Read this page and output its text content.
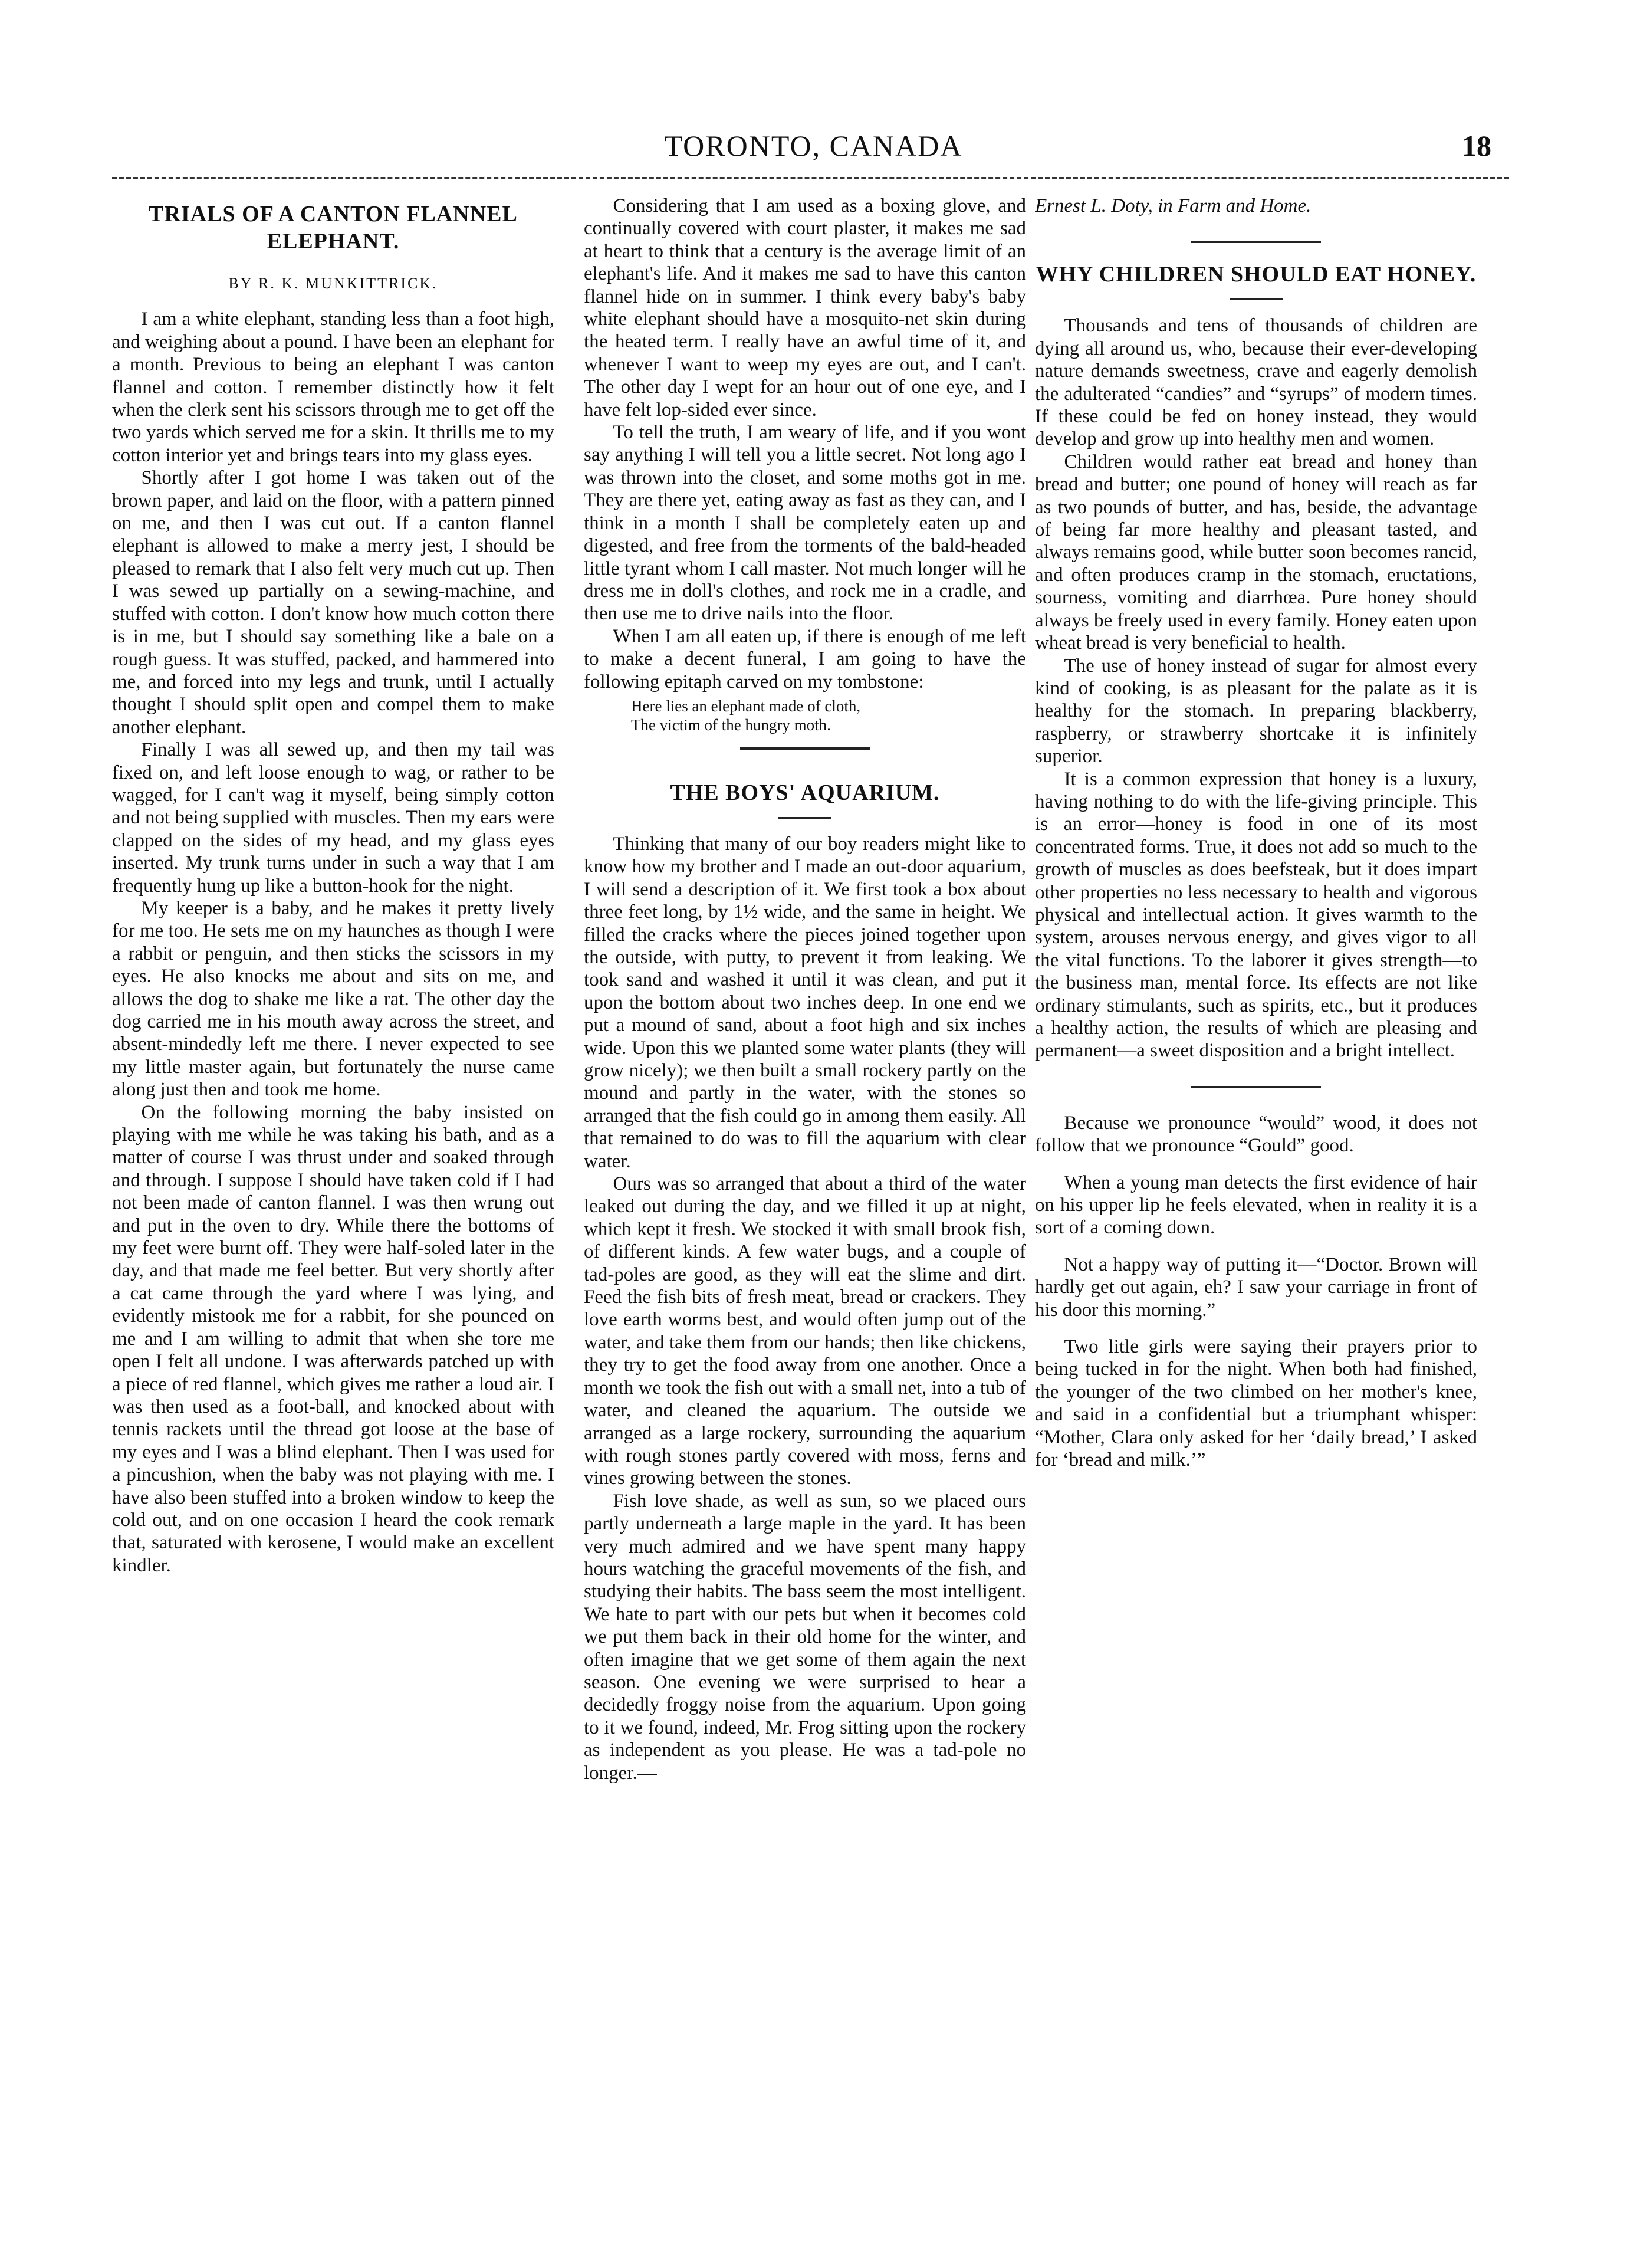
TORONTO, CANADA	18
TRIALS OF A CANTON FLANNEL ELEPHANT.
BY R. K. MUNKITTRICK.

I am a white elephant, standing less than a foot high, and weighing about a pound. I have been an elephant for a month. Previous to being an elephant I was canton flannel and cotton. I remember distinctly how it felt when the clerk sent his scissors through me to get off the two yards which served me for a skin. It thrills me to my cotton interior yet and brings tears into my glass eyes.

Shortly after I got home I was taken out of the brown paper, and laid on the floor, with a pattern pinned on me, and then I was cut out. If a canton flannel elephant is allowed to make a merry jest, I should be pleased to remark that I also felt very much cut up. Then I was sewed up partially on a sewing-machine, and stuffed with cotton. I don't know how much cotton there is in me, but I should say something like a bale on a rough guess. It was stuffed, packed, and hammered into me, and forced into my legs and trunk, until I actually thought I should split open and compel them to make another elephant.

Finally I was all sewed up, and then my tail was fixed on, and left loose enough to wag, or rather to be wagged, for I can't wag it myself, being simply cotton and not being supplied with muscles. Then my ears were clapped on the sides of my head, and my glass eyes inserted. My trunk turns under in such a way that I am frequently hung up like a button-hook for the night.

My keeper is a baby, and he makes it pretty lively for me too. He sets me on my haunches as though I were a rabbit or penguin, and then sticks the scissors in my eyes. He also knocks me about and sits on me, and allows the dog to shake me like a rat. The other day the dog carried me in his mouth away across the street, and absent-mindedly left me there. I never expected to see my little master again, but fortunately the nurse came along just then and took me home.

On the following morning the baby insisted on playing with me while he was taking his bath, and as a matter of course I was thrust under and soaked through and through. I suppose I should have taken cold if I had not been made of canton flannel. I was then wrung out and put in the oven to dry. While there the bottoms of my feet were burnt off. They were half-soled later in the day, and that made me feel better. But very shortly after a cat came through the yard where I was lying, and evidently mistook me for a rabbit, for she pounced on me and I am willing to admit that when she tore me open I felt all undone. I was afterwards patched up with a piece of red flannel, which gives me rather a loud air. I was then used as a foot-ball, and knocked about with tennis rackets until the thread got loose at the base of my eyes and I was a blind elephant. Then I was used for a pincushion, when the baby was not playing with me. I have also been stuffed into a broken window to keep the cold out, and on one occasion I heard the cook remark that, saturated with kerosene, I would make an excellent kindler.

Considering that I am used as a boxing glove, and continually covered with court plaster, it makes me sad at heart to think that a century is the average limit of an elephant's life. And it makes me sad to have this canton flannel hide on in summer. I think every baby's baby white elephant should have a mosquito-net skin during the heated term. I really have an awful time of it, and whenever I want to weep my eyes are out, and I can't. The other day I wept for an hour out of one eye, and I have felt lop-sided ever since.

To tell the truth, I am weary of life, and if you wont say anything I will tell you a little secret. Not long ago I was thrown into the closet, and some moths got in me. They are there yet, eating away as fast as they can, and I think in a month I shall be completely eaten up and digested, and free from the torments of the bald-headed little tyrant whom I call master. Not much longer will he dress me in doll's clothes, and rock me in a cradle, and then use me to drive nails into the floor.

When I am all eaten up, if there is enough of me left to make a decent funeral, I am going to have the following epitaph carved on my tombstone:

Here lies an elephant made of cloth,
The victim of the hungry moth.
THE BOYS' AQUARIUM.

Thinking that many of our boy readers might like to know how my brother and I made an out-door aquarium, I will send a description of it. We first took a box about three feet long, by 1½ wide, and the same in height. We filled the cracks where the pieces joined together upon the outside, with putty, to prevent it from leaking. We took sand and washed it until it was clean, and put it upon the bottom about two inches deep. In one end we put a mound of sand, about a foot high and six inches wide. Upon this we planted some water plants (they will grow nicely); we then built a small rockery partly on the mound and partly in the water, with the stones so arranged that the fish could go in among them easily. All that remained to do was to fill the aquarium with clear water.

Ours was so arranged that about a third of the water leaked out during the day, and we filled it up at night, which kept it fresh. We stocked it with small brook fish, of different kinds. A few water bugs, and a couple of tad-poles are good, as they will eat the slime and dirt. Feed the fish bits of fresh meat, bread or crackers. They love earth worms best, and would often jump out of the water, and take them from our hands; then like chickens, they try to get the food away from one another. Once a month we took the fish out with a small net, into a tub of water, and cleaned the aquarium. The outside we arranged as a large rockery, surrounding the aquarium with rough stones partly covered with moss, ferns and vines growing between the stones.

Fish love shade, as well as sun, so we placed ours partly underneath a large maple in the yard. It has been very much admired and we have spent many happy hours watching the graceful movements of the fish, and studying their habits. The bass seem the most intelligent. We hate to part with our pets but when it becomes cold we put them back in their old home for the winter, and often imagine that we get some of them again the next season. One evening we were surprised to hear a decidedly froggy noise from the aquarium. Upon going to it we found, indeed, Mr. Frog sitting upon the rockery as independent as you please. He was a tad-pole no longer.—

Ernest L. Doty, in Farm and Home.

WHY CHILDREN SHOULD EAT HONEY.

Thousands and tens of thousands of children are dying all around us, who, because their ever-developing nature demands sweetness, crave and eagerly demolish the adulterated “candies” and “syrups” of modern times. If these could be fed on honey instead, they would develop and grow up into healthy men and women.

Children would rather eat bread and honey than bread and butter; one pound of honey will reach as far as two pounds of butter, and has, beside, the advantage of being far more healthy and pleasant tasted, and always remains good, while butter soon becomes rancid, and often produces cramp in the stomach, eructations, sourness, vomiting and diarrhœa. Pure honey should always be freely used in every family. Honey eaten upon wheat bread is very beneficial to health.

The use of honey instead of sugar for almost every kind of cooking, is as pleasant for the palate as it is healthy for the stomach. In preparing blackberry, raspberry, or strawberry shortcake it is infinitely superior.

It is a common expression that honey is a luxury, having nothing to do with the life-giving principle. This is an error—honey is food in one of its most concentrated forms. True, it does not add so much to the growth of muscles as does beefsteak, but it does impart other properties no less necessary to health and vigorous physical and intellectual action. It gives warmth to the system, arouses nervous energy, and gives vigor to all the vital functions. To the laborer it gives strength—to the business man, mental force. Its effects are not like ordinary stimulants, such as spirits, etc., but it produces a healthy action, the results of which are pleasing and permanent—a sweet disposition and a bright intellect.

Because we pronounce “would” wood, it does not follow that we pronounce “Gould” good.

When a young man detects the first evidence of hair on his upper lip he feels elevated, when in reality it is a sort of a coming down.

Not a happy way of putting it—“Doctor. Brown will hardly get out again, eh? I saw your carriage in front of his door this morning.”

Two litle girls were saying their prayers prior to being tucked in for the night. When both had finished, the younger of the two climbed on her mother's knee, and said in a confidential but a triumphant whisper: “Mother, Clara only asked for her ‘daily bread,’ I asked for ‘bread and milk.’”
